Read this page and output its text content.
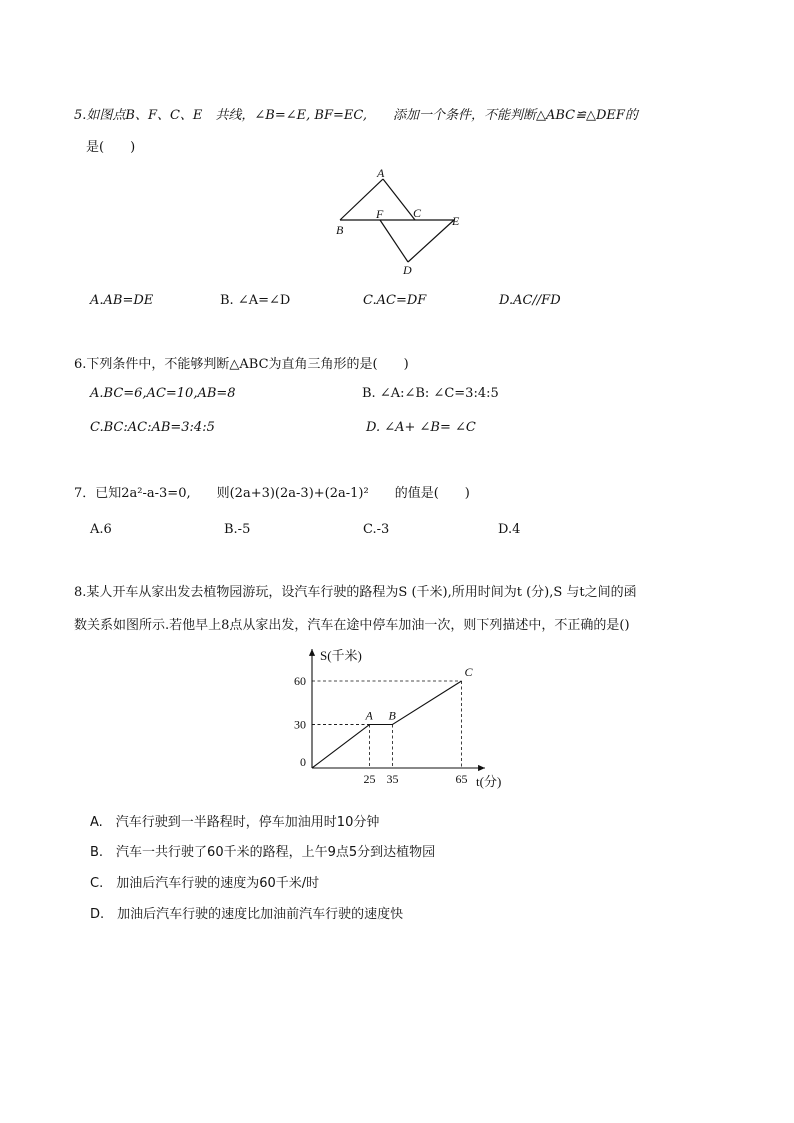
5.如图点B、F、C、E　共线，∠B=∠E, BF=EC,　　添加一个条件，不能判断△ABC≌△DEF的
是(　　)
A
B
F C
E
D
A.AB=DE	B. ∠A=∠D	C.AC=DF	D.AC//FD
6.下列条件中，不能够判断△ABC为直角三角形的是(　　)
A.BC=6,AC=10,AB=8	B. ∠A:∠B: ∠C=3:4:5
C.BC:AC:AB=3:4:5	D. ∠A+ ∠B= ∠C
7．已知2a²-a-3=0,　　则(2a+3)(2a-3)+(2a-1)²　　的值是(　　)
A.6	B.-5	C.-3	D.4
8.某人开车从家出发去植物园游玩，设汽车行驶的路程为S (千米),所用时间为t (分),S 与t之间的函
数关系如图所示.若他早上8点从家出发，汽车在途中停车加油一次，则下列描述中，不正确的是()
A B
C
25 35	65
60
30
0
S(千米)
t(分)
A.　汽车行驶到一半路程时，停车加油用时10分钟
B.　汽车一共行驶了60千米的路程，上午9点5分到达植物园
C.　加油后汽车行驶的速度为60千米/时
D.　加油后汽车行驶的速度比加油前汽车行驶的速度快
